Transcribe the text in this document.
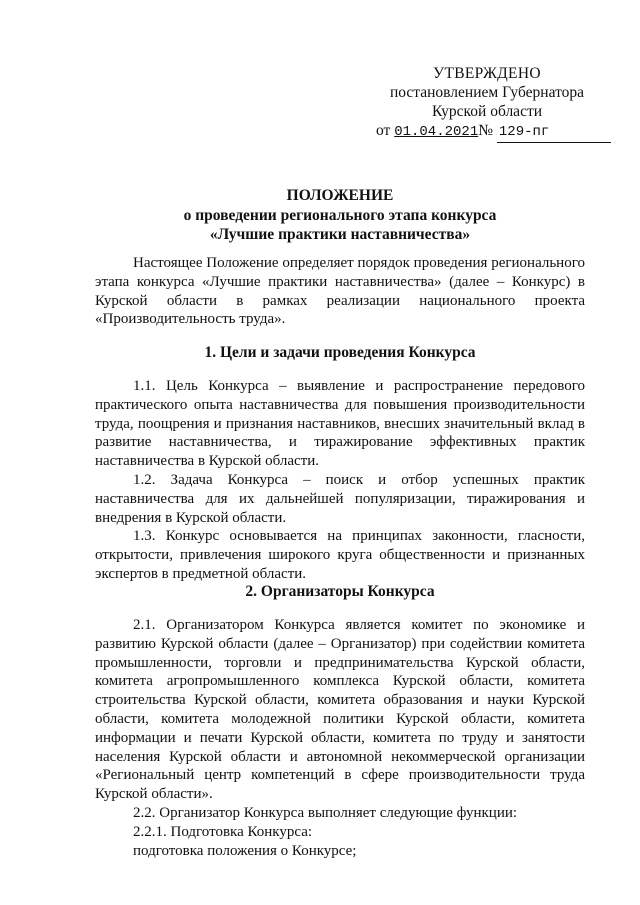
УТВЕРЖДЕНО
постановлением Губернатора
Курской области
от 01.04.2021№ 129-пг
ПОЛОЖЕНИЕ
о проведении регионального этапа конкурса
«Лучшие практики наставничества»

Настоящее Положение определяет порядок проведения регионального этапа конкурса «Лучшие практики наставничества» (далее – Конкурс) в Курской области в рамках реализации национального проекта «Производительность труда».

1. Цели и задачи проведения Конкурса

1.1. Цель Конкурса – выявление и распространение передового практического опыта наставничества для повышения производительности труда, поощрения и признания наставников, внесших значительный вклад в развитие наставничества, и тиражирование эффективных практик наставничества в Курской области.

1.2. Задача Конкурса – поиск и отбор успешных практик наставничества для их дальнейшей популяризации, тиражирования и внедрения в Курской области.

1.3. Конкурс основывается на принципах законности, гласности, открытости, привлечения широкого круга общественности и признанных экспертов в предметной области.

2. Организаторы Конкурса

2.1. Организатором Конкурса является комитет по экономике и развитию Курской области (далее – Организатор) при содействии комитета промышленности, торговли и предпринимательства Курской области, комитета агропромышленного комплекса Курской области, комитета строительства Курской области, комитета образования и науки Курской области, комитета молодежной политики Курской области, комитета информации и печати Курской области, комитета по труду и занятости населения Курской области и автономной некоммерческой организации «Региональный центр компетенций в сфере производительности труда Курской области».

2.2. Организатор Конкурса выполняет следующие функции:

2.2.1. Подготовка Конкурса:

подготовка положения о Конкурсе;
